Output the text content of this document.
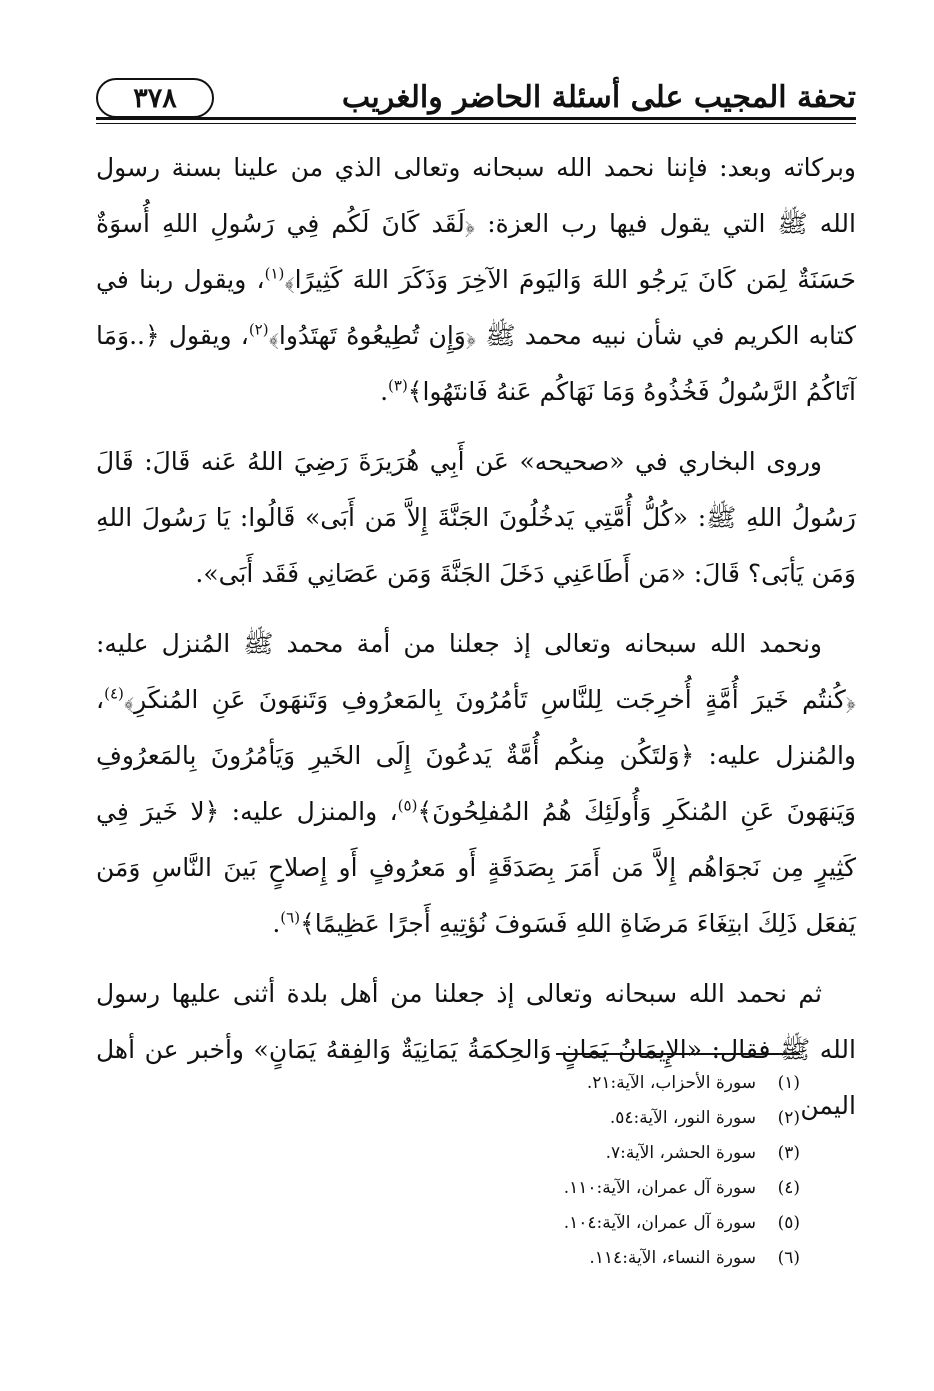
٣٧٨	تحفة المجيب على أسئلة الحاضر والغريب

وبركاته وبعد: فإننا نحمد الله سبحانه وتعالى الذي من علينا بسنة رسول الله ﷺ التي يقول فيها رب العزة: ﴿لَقَد كَانَ لَكُم فِي رَسُولِ اللهِ أُسوَةٌ حَسَنَةٌ لِمَن كَانَ يَرجُو اللهَ وَاليَومَ الآخِرَ وَذَكَرَ اللهَ كَثِيرًا﴾$^{(١)}$، ويقول ربنا في كتابه الكريم في شأن نبيه محمد ﷺ ﴿وَإِن تُطِيعُوهُ تَهتَدُوا﴾$^{(٢)}$، ويقول ﴿..وَمَا آتَاكُمُ الرَّسُولُ فَخُذُوهُ وَمَا نَهَاكُم عَنهُ فَانتَهُوا﴾$^{(٣)}$.

وروى البخاري في «صحيحه» عَن أَبِي هُرَيرَةَ رَضِيَ اللهُ عَنه قَالَ: قَالَ رَسُولُ اللهِ ﷺ: «كُلُّ أُمَّتِي يَدخُلُونَ الجَنَّةَ إِلاَّ مَن أَبَى» قَالُوا: يَا رَسُولَ اللهِ وَمَن يَأبَى؟ قَالَ: «مَن أَطَاعَنِي دَخَلَ الجَنَّةَ وَمَن عَصَانِي فَقَد أَبَى».

ونحمد الله سبحانه وتعالى إذ جعلنا من أمة محمد ﷺ المُنزل عليه: ﴿كُنتُم خَيرَ أُمَّةٍ أُخرِجَت لِلنَّاسِ تَأمُرُونَ بِالمَعرُوفِ وَتَنهَونَ عَنِ المُنكَرِ﴾$^{(٤)}$، والمُنزل عليه: ﴿وَلتَكُن مِنكُم أُمَّةٌ يَدعُونَ إِلَى الخَيرِ وَيَأمُرُونَ بِالمَعرُوفِ وَيَنهَونَ عَنِ المُنكَرِ وَأُولَئِكَ هُمُ المُفلِحُونَ﴾$^{(٥)}$، والمنزل عليه: ﴿لا خَيرَ فِي كَثِيرٍ مِن نَجوَاهُم إِلاَّ مَن أَمَرَ بِصَدَقَةٍ أَو مَعرُوفٍ أَو إِصلاحٍ بَينَ النَّاسِ وَمَن يَفعَل ذَلِكَ ابتِغَاءَ مَرضَاةِ اللهِ فَسَوفَ نُؤتِيهِ أَجرًا عَظِيمًا﴾$^{(٦)}$.

ثم نحمد الله سبحانه وتعالى إذ جعلنا من أهل بلدة أثنى عليها رسول الله ﷺ فقال: «الإِيمَانُ يَمَانٍ وَالحِكمَةُ يَمَانِيَةٌ وَالفِقهُ يَمَانٍ» وأخبر عن أهل اليمن

(١)
سورة الأحزاب، الآية:٢١.
(٢)
سورة النور، الآية:٥٤.
(٣)
سورة الحشر، الآية:٧.
(٤)
سورة آل عمران، الآية:١١٠.
(٥)
سورة آل عمران، الآية:١٠٤.
(٦)
سورة النساء، الآية:١١٤.
